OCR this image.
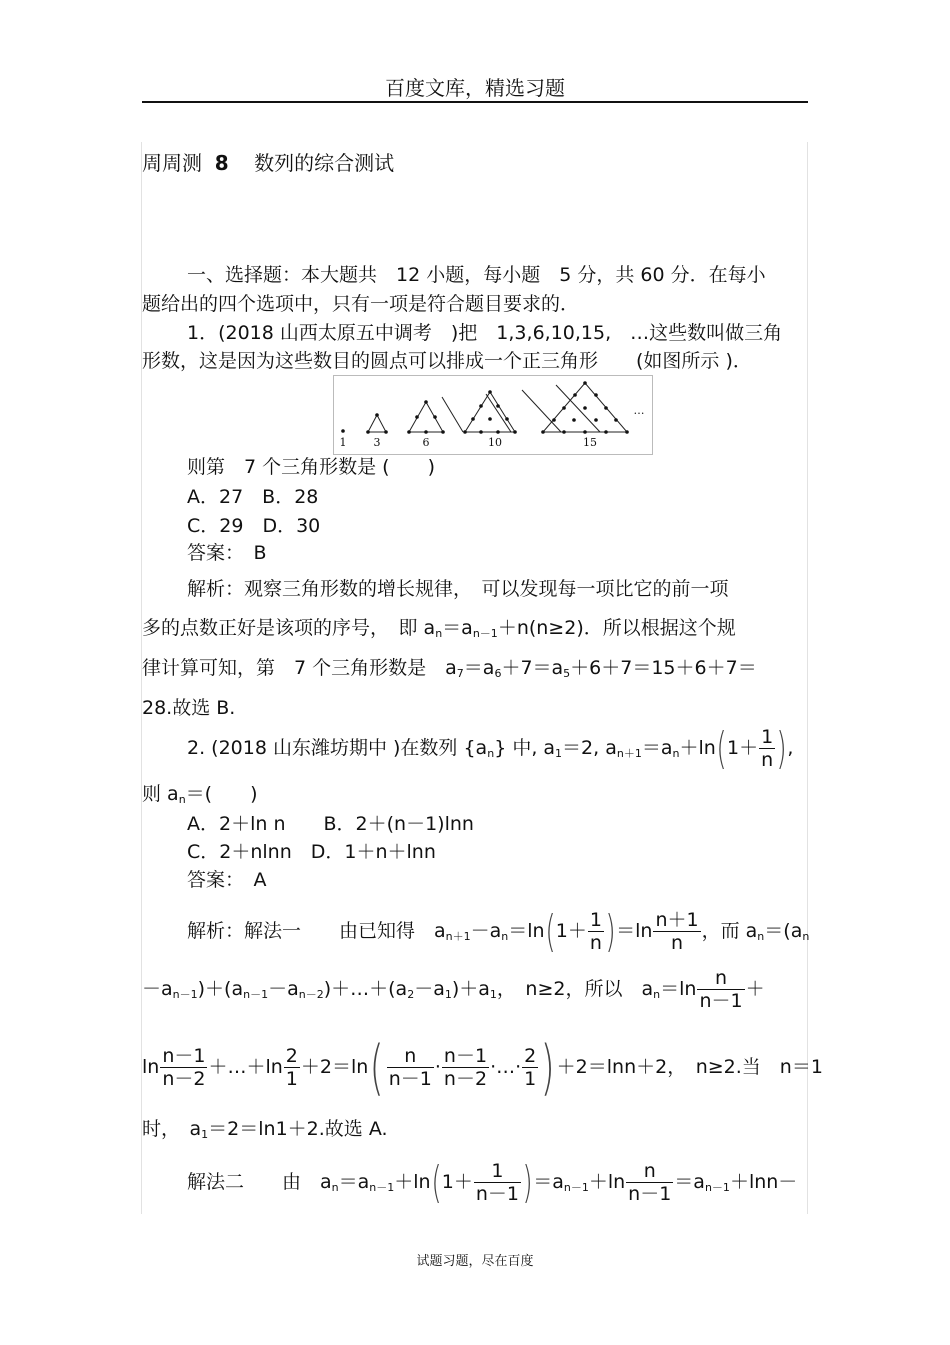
百度文库，精选习题
周周测 8 数列的综合测试
一、选择题：本大题共　12 小题，每小题　5 分，共 60 分．在每小
题给出的四个选项中，只有一项是符合题目要求的．
1．(2018 山西太原五中调考　)把　1,3,6,10,15,　…这些数叫做三角
形数，这是因为这些数目的圆点可以排成一个正三角形　　(如图所示 )．
1 3	6	10	15
…
则第　7 个三角形数是 (　　)
A．27　B．28
C．29　D．30
答案：　B
解析：观察三角形数的增长规律，　可以发现每一项比它的前一项
多的点数正好是该项的序号，　即 $a_n=a_{n-1}+n(n\ge 2)$．所以根据这个规
律计算可知，第　7 个三角形数是　$a_7=a_6+7=a_5+6+7=15+6+7=$
28.故选 B.
2. (2018 山东潍坊期中 )在数列 $\{a_n\}$ 中, $a_1=2$, $a_{n+1}=a_n+\ln(1+ \frac{1}{n}$ ),
则 $a_n=$(　　)
A．2＋ln n　　B．2＋(n－1)lnn
C．2＋nlnn　D．1＋n＋lnn
答案：　A
解析：解法一　　由已知得　$a_{n+1}-a_n=\ln(1+ \frac{1}{n} )=\ln \frac{n+1}{n}$ ，而 $a_n=(a_n$
$-a_{n-1})+(a_{n-1}-a_{n-2})+\dots+(a_2-a_1)+a_1$，　n≥2，所以　$a_n=\ln \frac{n}{n-1}$ ＋
$\ln \frac{n-1}{n-2}$ ＋…＋ln $\frac{2}{1} +2=\ln( \frac{n}{n-1} \cdot \frac{n-1}{n-2}$ ·…· $\frac{2}{1} )+2=\ln n+2$，　n≥2.当　n＝1
时，　$a_1=2=\ln 1+2$.故选 A.
解法二　　由　$a_n=a_{n-1}+\ln(1+ \frac{1}{n-1} )=a_{n-1}+\ln \frac{n}{n-1} =a_{n-1}+\ln n-$
试题习题，尽在百度
